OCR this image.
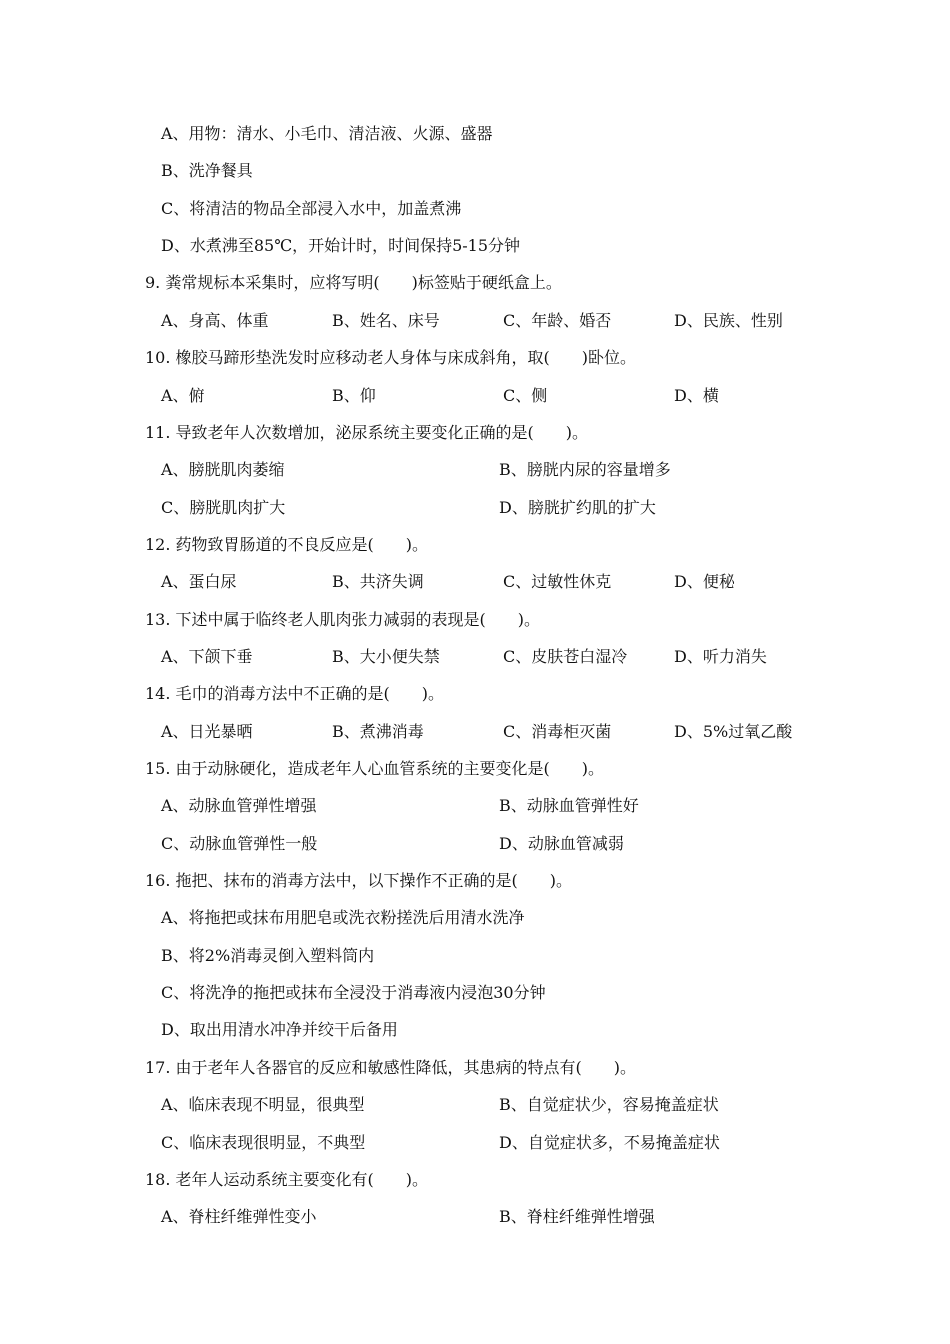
A、用物：清水、小毛巾、清洁液、火源、盛器
B、洗净餐具
C、将清洁的物品全部浸入水中，加盖煮沸
D、水煮沸至85℃，开始计时，时间保持5-15分钟
9. 粪常规标本采集时，应将写明(　　)标签贴于硬纸盒上。
A、身高、体重	B、姓名、床号	C、年龄、婚否	D、民族、性别
10. 橡胶马蹄形垫洗发时应移动老人身体与床成斜角，取(　　)卧位。
A、俯	B、仰	C、侧	D、横
11. 导致老年人次数增加，泌尿系统主要变化正确的是(　　)。
A、膀胱肌肉萎缩	B、膀胱内尿的容量增多
C、膀胱肌肉扩大	D、膀胱扩约肌的扩大
12. 药物致胃肠道的不良反应是(　　)。
A、蛋白尿	B、共济失调	C、过敏性休克	D、便秘
13. 下述中属于临终老人肌肉张力减弱的表现是(　　)。
A、下颌下垂	B、大小便失禁	C、皮肤苍白湿冷	D、听力消失
14. 毛巾的消毒方法中不正确的是(　　)。
A、日光暴晒	B、煮沸消毒	C、消毒柜灭菌	D、5%过氧乙酸
15. 由于动脉硬化，造成老年人心血管系统的主要变化是(　　)。
A、动脉血管弹性增强	B、动脉血管弹性好
C、动脉血管弹性一般	D、动脉血管减弱
16. 拖把、抹布的消毒方法中，以下操作不正确的是(　　)。
A、将拖把或抹布用肥皂或洗衣粉搓洗后用清水洗净
B、将2%消毒灵倒入塑料筒内
C、将洗净的拖把或抹布全浸没于消毒液内浸泡30分钟
D、取出用清水冲净并绞干后备用
17. 由于老年人各器官的反应和敏感性降低，其患病的特点有(　　)。
A、临床表现不明显，很典型	B、自觉症状少，容易掩盖症状
C、临床表现很明显，不典型	D、自觉症状多，不易掩盖症状
18. 老年人运动系统主要变化有(　　)。
A、脊柱纤维弹性变小	B、脊柱纤维弹性增强
